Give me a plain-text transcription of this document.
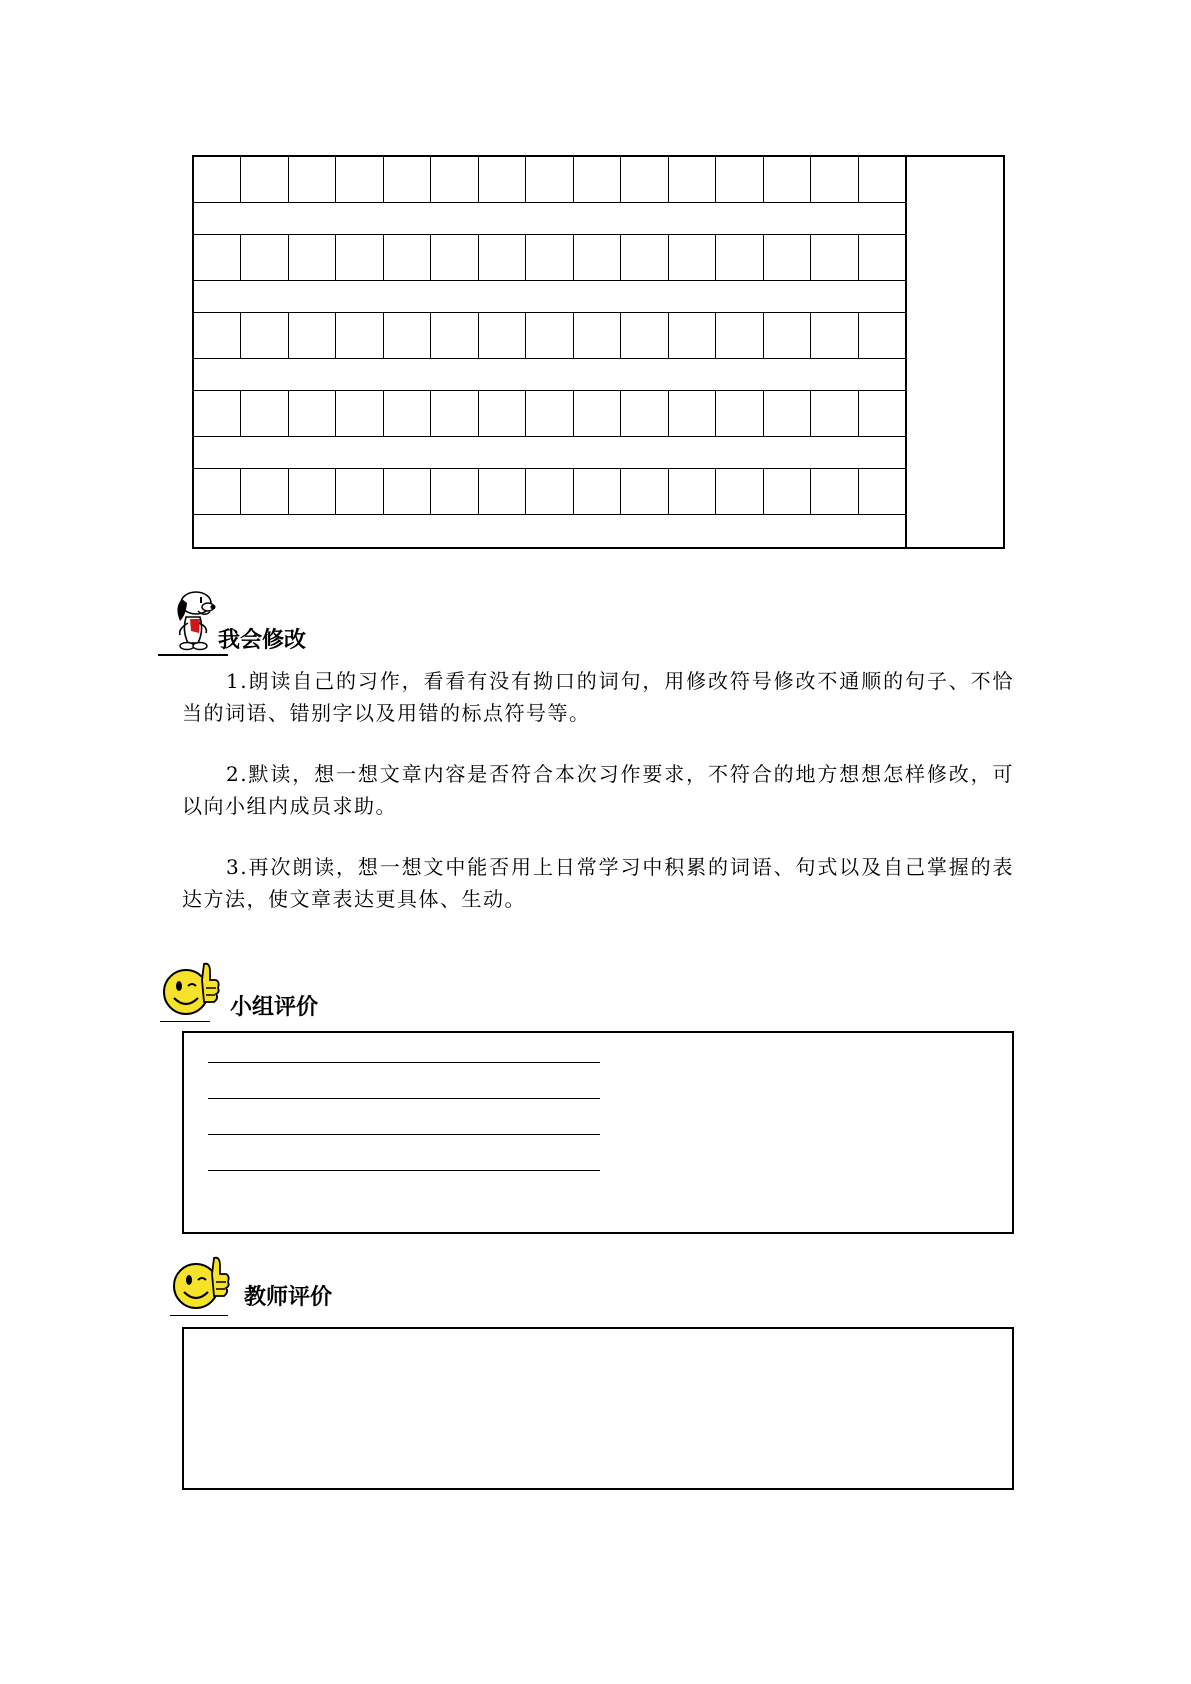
我会修改

1.朗读自己的习作，看看有没有拗口的词句，用修改符号修改不通顺的句子、不恰当的词语、错别字以及用错的标点符号等。

2.默读，想一想文章内容是否符合本次习作要求，不符合的地方想想怎样修改，可以向小组内成员求助。

3.再次朗读，想一想文中能否用上日常学习中积累的词语、句式以及自己掌握的表达方法，使文章表达更具体、生动。

小组评价
教师评价
